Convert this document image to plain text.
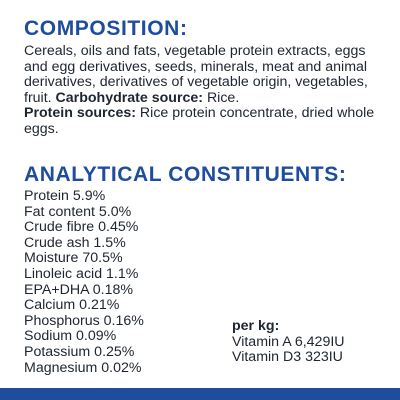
COMPOSITION:

Cereals, oils and fats, vegetable protein extracts, eggs and egg derivatives, seeds, minerals, meat and animal derivatives, derivatives of vegetable origin, vegetables, fruit. Carbohydrate source: Rice.
Protein sources: Rice protein concentrate, dried whole eggs.

ANALYTICAL CONSTITUENTS:
Protein 5.9%
Fat content 5.0%
Crude fibre 0.45%
Crude ash 1.5%
Moisture 70.5%
Linoleic acid 1.1%
EPA+DHA 0.18%
Calcium 0.21%
Phosphorus 0.16%
Sodium 0.09%
Potassium 0.25%
Magnesium 0.02%
per kg:
Vitamin A 6,429IU
Vitamin D3 323IU
